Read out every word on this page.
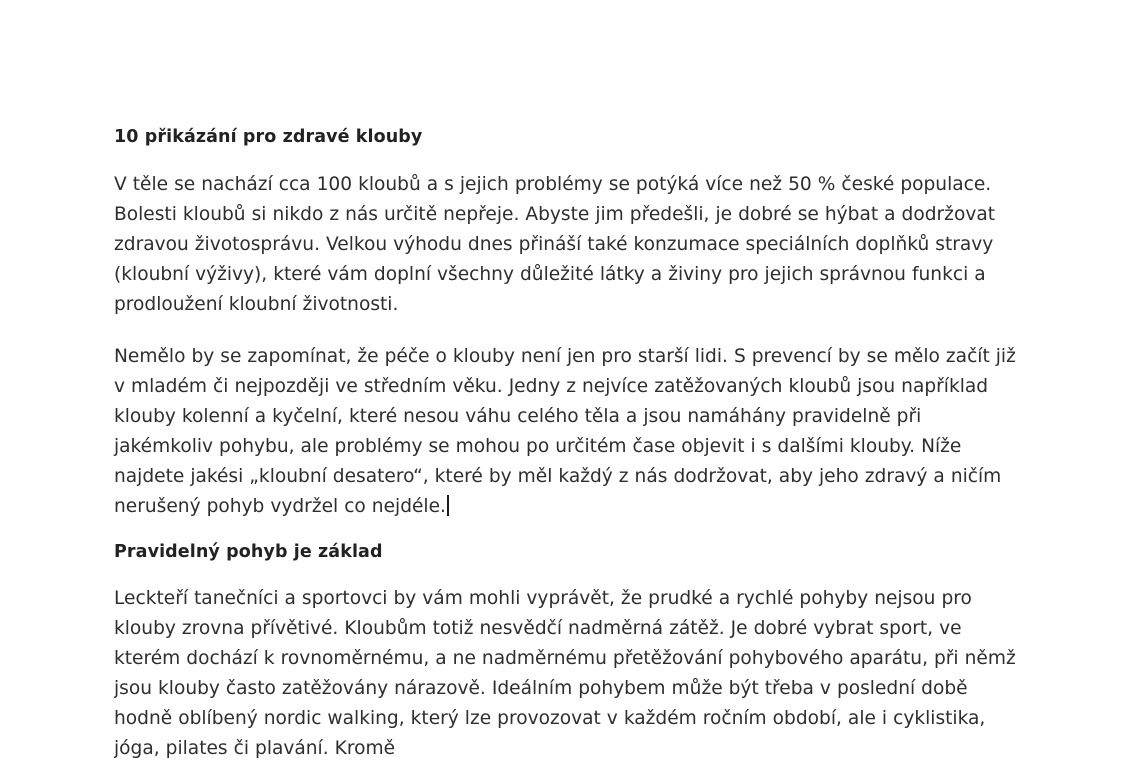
10 přikázání pro zdravé klouby

V těle se nachází cca 100 kloubů a s jejich problémy se potýká více než 50 % české populace. Bolesti kloubů si nikdo z nás určitě nepřeje. Abyste jim předešli, je dobré se hýbat a dodržovat zdravou životosprávu. Velkou výhodu dnes přináší také konzumace speciálních doplňků stravy (kloubní výživy), které vám doplní všechny důležité látky a živiny pro jejich správnou funkci a prodloužení kloubní životnosti.

Nemělo by se zapomínat, že péče o klouby není jen pro starší lidi. S prevencí by se mělo začít již v mladém či nejpozději ve středním věku. Jedny z nejvíce zatěžovaných kloubů jsou například klouby kolenní a kyčelní, které nesou váhu celého těla a jsou namáhány pravidelně při jakémkoliv pohybu, ale problémy se mohou po určitém čase objevit i s dalšími klouby. Níže najdete jakési „kloubní desatero“, které by měl každý z nás dodržovat, aby jeho zdravý a ničím nerušený pohyb vydržel co nejdéle.

Pravidelný pohyb je základ

Leckteří tanečníci a sportovci by vám mohli vyprávět, že prudké a rychlé pohyby nejsou pro klouby zrovna přívětivé. Kloubům totiž nesvědčí nadměrná zátěž. Je dobré vybrat sport, ve kterém dochází k rovnoměrnému, a ne nadměrnému přetěžování pohybového aparátu, při němž jsou klouby často zatěžovány nárazově. Ideálním pohybem může být třeba v poslední době hodně oblíbený nordic walking, který lze provozovat v každém ročním období, ale i cyklistika, jóga, pilates či plavání. Kromě
